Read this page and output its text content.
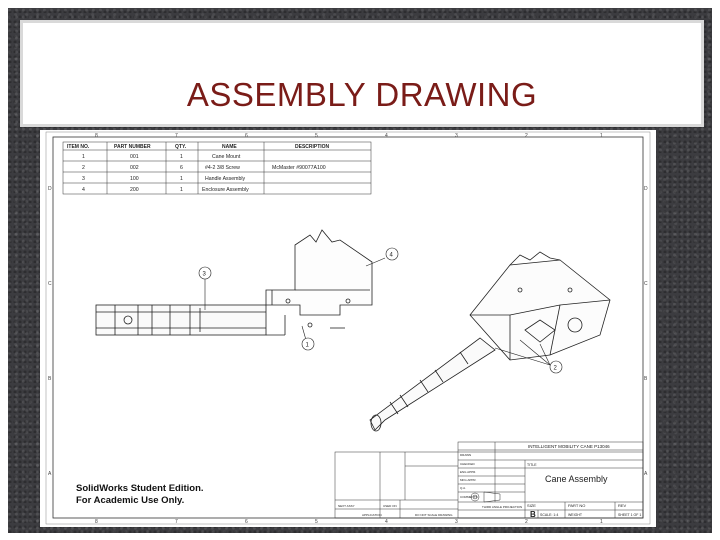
ASSEMBLY DRAWING
8	7	6	5	4	3	2	1
8	7	6	5	4	3	2	1
D
C
B
A
D
C
B
A
ITEM NO.	PART NUMBER	QTY.	NAME	DESCRIPTION
1	001	1	Cane Mount
2	002	6	#4-2 3/8 Screw	McMaster #90077A100
3	100	1	Handle Assembly
4	200	1	Enclosure Assembly
3
4
1
2
INTELLIGENT MOBILITY CANE P13046
DRAWN
CHECKED
ENG APPR.
MFG APPR.
Q.A.
COMMENTS:
TITLE
Cane Assembly
THIRD ANGLE PROJECTION SIZE
B
PART NO	REV
SCALE: 1:4	WEIGHT	SHEET 1 OF 1
DO NOT SCALE DRAWING
APPLICATION
NEXT ASSY	USED ON
SolidWorks Student Edition.
For Academic Use Only.
